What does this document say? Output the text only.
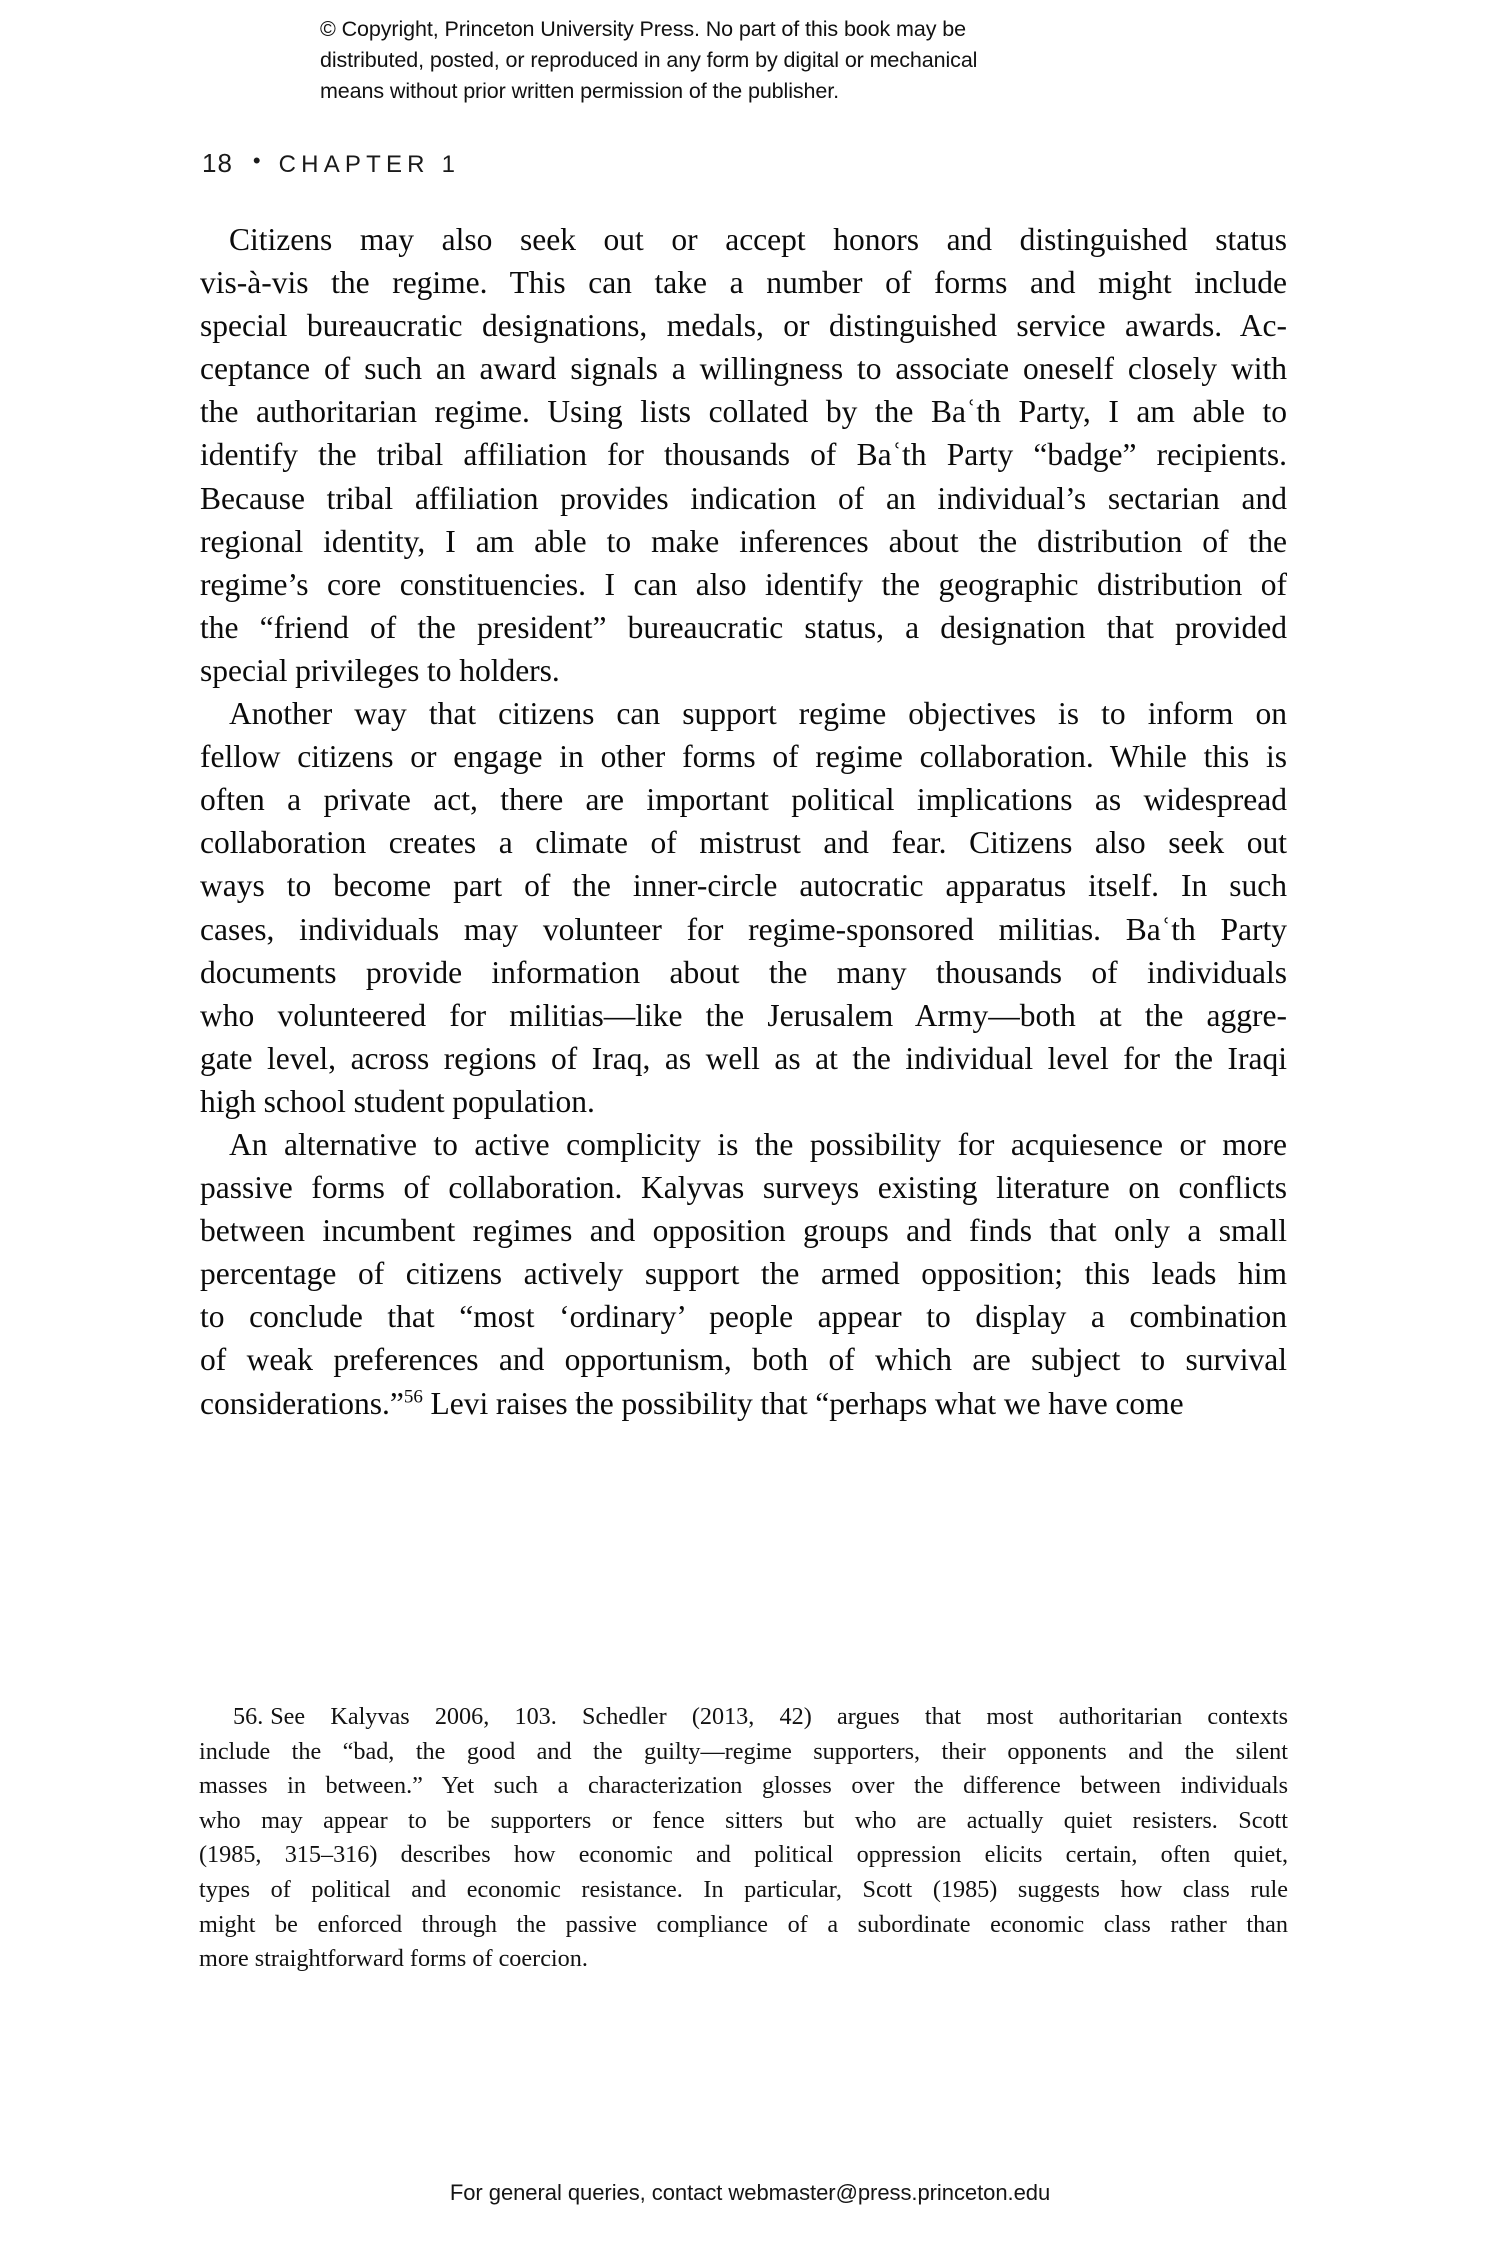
© Copyright, Princeton University Press. No part of this book may be
distributed, posted, or reproduced in any form by digital or mechanical
means without prior written permission of the publisher.
18 • CHAPTER 1

Citizens may also seek out or accept honors and distinguished status
vis-à-vis the regime. This can take a number of forms and might include
special bureaucratic designations, medals, or distinguished service awards. Ac-
ceptance of such an award signals a willingness to associate oneself closely with
the authoritarian regime. Using lists collated by the Baʿth Party, I am able to
identify the tribal affiliation for thousands of Baʿth Party “badge” recipients.
Because tribal affiliation provides indication of an individual’s sectarian and
regional identity, I am able to make inferences about the distribution of the
regime’s core constituencies. I can also identify the geographic distribution of
the “friend of the president” bureaucratic status, a designation that provided
special privileges to holders.

Another way that citizens can support regime objectives is to inform on
fellow citizens or engage in other forms of regime collaboration. While this is
often a private act, there are important political implications as widespread
collaboration creates a climate of mistrust and fear. Citizens also seek out
ways to become part of the inner-circle autocratic apparatus itself. In such
cases, individuals may volunteer for regime-sponsored militias. Baʿth Party
documents provide information about the many thousands of individuals
who volunteered for militias—like the Jerusalem Army—both at the aggre-
gate level, across regions of Iraq, as well as at the individual level for the Iraqi
high school student population.

An alternative to active complicity is the possibility for acquiesence or more
passive forms of collaboration. Kalyvas surveys existing literature on conflicts
between incumbent regimes and opposition groups and finds that only a small
percentage of citizens actively support the armed opposition; this leads him
to conclude that “most ‘ordinary’ people appear to display a combination
of weak preferences and opportunism, both of which are subject to survival
considerations.”$^{56}$ Levi raises the possibility that “perhaps what we have come

56. See Kalyvas 2006, 103. Schedler (2013, 42) argues that most authoritarian contexts
include the “bad, the good and the guilty—regime supporters, their opponents and the silent
masses in between.” Yet such a characterization glosses over the difference between individuals
who may appear to be supporters or fence sitters but who are actually quiet resisters. Scott
(1985, 315–316) describes how economic and political oppression elicits certain, often quiet,
types of political and economic resistance. In particular, Scott (1985) suggests how class rule
might be enforced through the passive compliance of a subordinate economic class rather than
more straightforward forms of coercion.
For general queries, contact webmaster@press.princeton.edu
